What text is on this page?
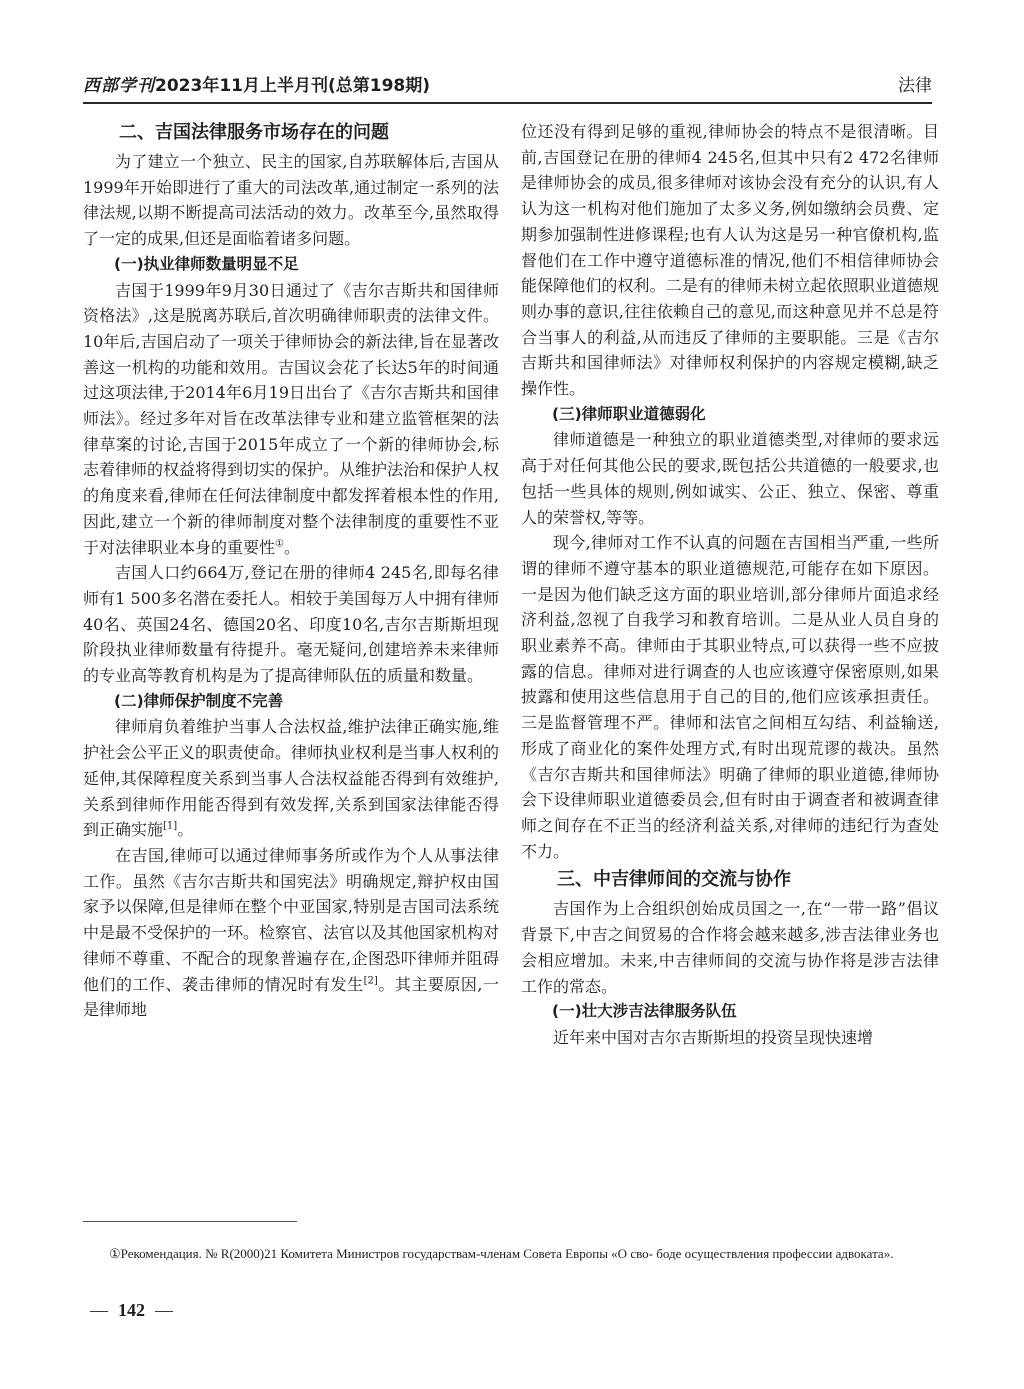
西部学刊2023年11月上半月刊(总第198期)	法律
二、吉国法律服务市场存在的问题

为了建立一个独立、民主的国家,自苏联解体后,吉国从1999年开始即进行了重大的司法改革,通过制定一系列的法律法规,以期不断提高司法活动的效力。改革至今,虽然取得了一定的成果,但还是面临着诸多问题。

(一)执业律师数量明显不足

吉国于1999年9月30日通过了《吉尔吉斯共和国律师资格法》,这是脱离苏联后,首次明确律师职责的法律文件。10年后,吉国启动了一项关于律师协会的新法律,旨在显著改善这一机构的功能和效用。吉国议会花了长达5年的时间通过这项法律,于2014年6月19日出台了《吉尔吉斯共和国律师法》。经过多年对旨在改革法律专业和建立监管框架的法律草案的讨论,吉国于2015年成立了一个新的律师协会,标志着律师的权益将得到切实的保护。从维护法治和保护人权的角度来看,律师在任何法律制度中都发挥着根本性的作用,因此,建立一个新的律师制度对整个法律制度的重要性不亚于对法律职业本身的重要性①。

吉国人口约664万,登记在册的律师4 245名,即每名律师有1 500多名潜在委托人。相较于美国每万人中拥有律师40名、英国24名、德国20名、印度10名,吉尔吉斯斯坦现阶段执业律师数量有待提升。毫无疑问,创建培养未来律师的专业高等教育机构是为了提高律师队伍的质量和数量。

(二)律师保护制度不完善

律师肩负着维护当事人合法权益,维护法律正确实施,维护社会公平正义的职责使命。律师执业权利是当事人权利的延伸,其保障程度关系到当事人合法权益能否得到有效维护,关系到律师作用能否得到有效发挥,关系到国家法律能否得到正确实施[1]。

在吉国,律师可以通过律师事务所或作为个人从事法律工作。虽然《吉尔吉斯共和国宪法》明确规定,辩护权由国家予以保障,但是律师在整个中亚国家,特别是吉国司法系统中是最不受保护的一环。检察官、法官以及其他国家机构对律师不尊重、不配合的现象普遍存在,企图恐吓律师并阻碍他们的工作、袭击律师的情况时有发生[2]。其主要原因,一是律师地

位还没有得到足够的重视,律师协会的特点不是很清晰。目前,吉国登记在册的律师4 245名,但其中只有2 472名律师是律师协会的成员,很多律师对该协会没有充分的认识,有人认为这一机构对他们施加了太多义务,例如缴纳会员费、定期参加强制性进修课程;也有人认为这是另一种官僚机构,监督他们在工作中遵守道德标准的情况,他们不相信律师协会能保障他们的权利。二是有的律师未树立起依照职业道德规则办事的意识,往往依赖自己的意见,而这种意见并不总是符合当事人的利益,从而违反了律师的主要职能。三是《吉尔吉斯共和国律师法》对律师权利保护的内容规定模糊,缺乏操作性。

(三)律师职业道德弱化

律师道德是一种独立的职业道德类型,对律师的要求远高于对任何其他公民的要求,既包括公共道德的一般要求,也包括一些具体的规则,例如诚实、公正、独立、保密、尊重人的荣誉权,等等。

现今,律师对工作不认真的问题在吉国相当严重,一些所谓的律师不遵守基本的职业道德规范,可能存在如下原因。一是因为他们缺乏这方面的职业培训,部分律师片面追求经济利益,忽视了自我学习和教育培训。二是从业人员自身的职业素养不高。律师由于其职业特点,可以获得一些不应披露的信息。律师对进行调查的人也应该遵守保密原则,如果披露和使用这些信息用于自己的目的,他们应该承担责任。三是监督管理不严。律师和法官之间相互勾结、利益输送,形成了商业化的案件处理方式,有时出现荒谬的裁决。虽然《吉尔吉斯共和国律师法》明确了律师的职业道德,律师协会下设律师职业道德委员会,但有时由于调查者和被调查律师之间存在不正当的经济利益关系,对律师的违纪行为查处不力。

三、中吉律师间的交流与协作

吉国作为上合组织创始成员国之一,在“一带一路”倡议背景下,中吉之间贸易的合作将会越来越多,涉吉法律业务也会相应增加。未来,中吉律师间的交流与协作将是涉吉法律工作的常态。

(一)壮大涉吉法律服务队伍

近年来中国对吉尔吉斯斯坦的投资呈现快速增

①Рекомендация. № R(2000)21 Комитета Министров государствам-членам Совета Европы «О сво- боде осуществления профессии адвоката».
— 142 —
